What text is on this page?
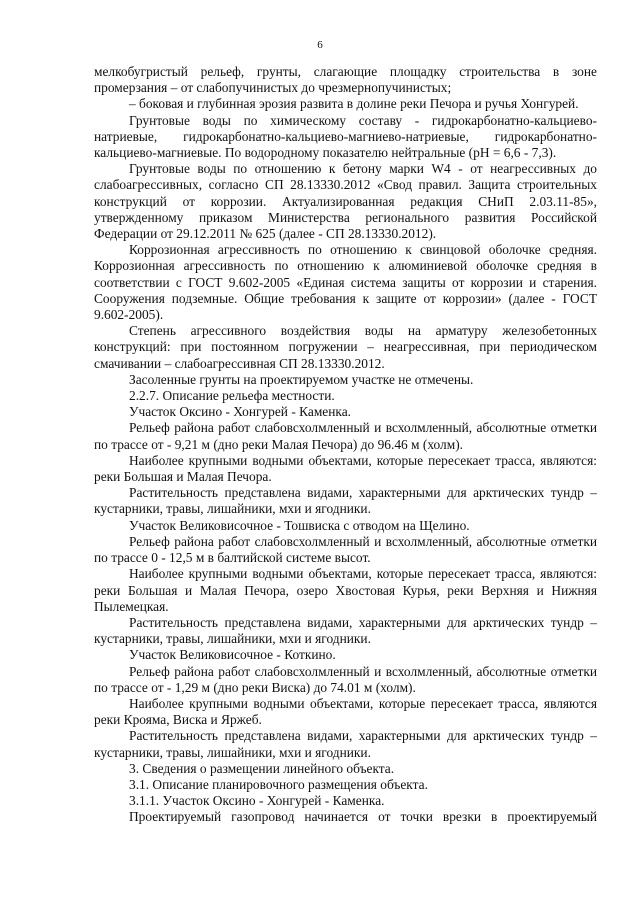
6

мелкобугристый рельеф, грунты, слагающие площадку строительства в зоне промерзания – от слабопучинистых до чрезмернопучинистых;

– боковая и глубинная эрозия развита в долине реки Печора и ручья Хонгурей.

Грунтовые воды по химическому составу - гидрокарбонатно-кальциево-натриевые, гидрокарбонатно-кальциево-магниево-натриевые, гидрокарбонатно-кальциево-магниевые. По водородному показателю нейтральные (pH = 6,6 - 7,3).

Грунтовые воды по отношению к бетону марки W4 - от неагрессивных до слабоагрессивных, согласно СП 28.13330.2012 «Свод правил. Защита строительных конструкций от коррозии. Актуализированная редакция СНиП 2.03.11-85», утвержденному приказом Министерства регионального развития Российской Федерации от 29.12.2011 № 625 (далее - СП 28.13330.2012).

Коррозионная агрессивность по отношению к свинцовой оболочке средняя. Коррозионная агрессивность по отношению к алюминиевой оболочке средняя в соответствии с ГОСТ 9.602-2005 «Единая система защиты от коррозии и старения. Сооружения подземные. Общие требования к защите от коррозии» (далее - ГОСТ 9.602-2005).

Степень агрессивного воздействия воды на арматуру железобетонных конструкций: при постоянном погружении – неагрессивная, при периодическом смачивании – слабоагрессивная СП 28.13330.2012.

Засоленные грунты на проектируемом участке не отмечены.

2.2.7. Описание рельефа местности.

Участок Оксино - Хонгурей - Каменка.

Рельеф района работ слабовсхолмленный и всхолмленный, абсолютные отметки по трассе от - 9,21 м (дно реки Малая Печора) до 96.46 м (холм).

Наиболее крупными водными объектами, которые пересекает трасса, являются: реки Большая и Малая Печора.

Растительность представлена видами, характерными для арктических тундр – кустарники, травы, лишайники, мхи и ягодники.

Участок Великовисочное - Тошвиска с отводом на Щелино.

Рельеф района работ слабовсхолмленный и всхолмленный, абсолютные отметки по трассе 0 - 12,5 м в балтийской системе высот.

Наиболее крупными водными объектами, которые пересекает трасса, являются: реки Большая и Малая Печора, озеро Хвостовая Курья, реки Верхняя и Нижняя Пылемецкая.

Растительность представлена видами, характерными для арктических тундр – кустарники, травы, лишайники, мхи и ягодники.

Участок Великовисочное - Коткино.

Рельеф района работ слабовсхолмленный и всхолмленный, абсолютные отметки по трассе от - 1,29 м (дно реки Виска) до 74.01 м (холм).

Наиболее крупными водными объектами, которые пересекает трасса, являются реки Крояма, Виска и Яржеб.

Растительность представлена видами, характерными для арктических тундр – кустарники, травы, лишайники, мхи и ягодники.

3. Сведения о размещении линейного объекта.

3.1. Описание планировочного размещения объекта.

3.1.1. Участок Оксино - Хонгурей - Каменка.

Проектируемый газопровод начинается от точки врезки в проектируемый
